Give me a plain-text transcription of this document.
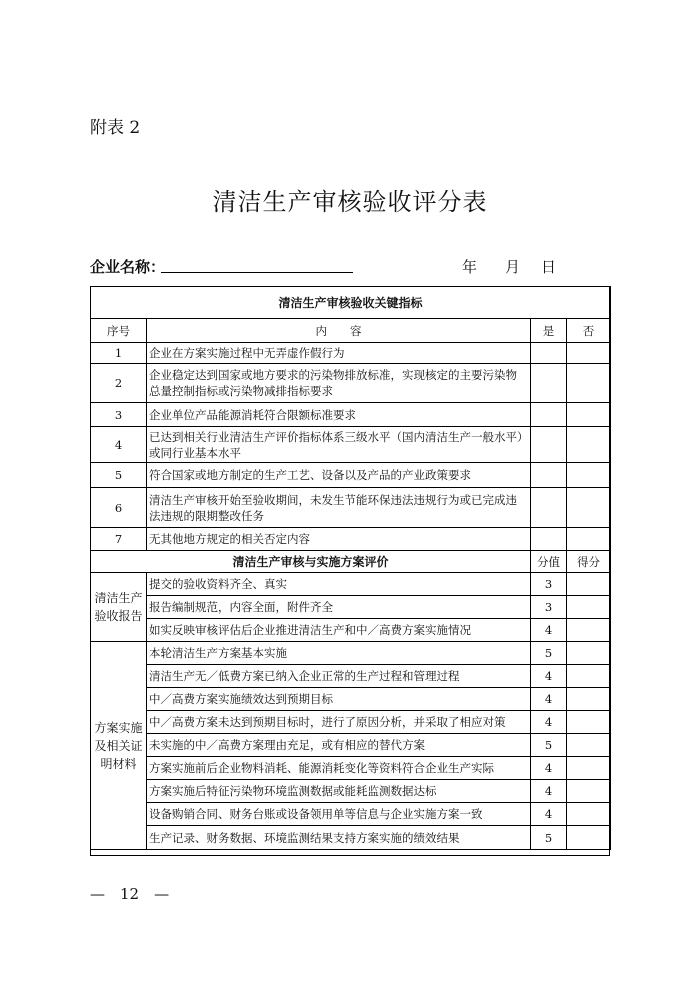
附表 2
清洁生产审核验收评分表
企业名称：	年 月 日
清洁生产审核验收关键指标			
序号	内　　容	是	否
1	企业在方案实施过程中无弄虚作假行为		
2	企业稳定达到国家或地方要求的污染物排放标准，实现核定的主要污染物总量控制指标或污染物减排指标要求		
3	企业单位产品能源消耗符合限额标准要求		
4	已达到相关行业清洁生产评价指标体系三级水平（国内清洁生产一般水平）或同行业基本水平		
5	符合国家或地方制定的生产工艺、设备以及产品的产业政策要求		
6	清洁生产审核开始至验收期间，未发生节能环保违法违规行为或已完成违法违规的限期整改任务		
7	无其他地方规定的相关否定内容		
清洁生产审核与实施方案评价		分值	得分
清洁生产验收报告	提交的验收资料齐全、真实	3	
	报告编制规范，内容全面，附件齐全	3	
	如实反映审核评估后企业推进清洁生产和中／高费方案实施情况	4	
方案实施及相关证明材料	本轮清洁生产方案基本实施	5	
	清洁生产无／低费方案已纳入企业正常的生产过程和管理过程	4	
	中／高费方案实施绩效达到预期目标	4	
	中／高费方案未达到预期目标时，进行了原因分析，并采取了相应对策	4	
	未实施的中／高费方案理由充足，或有相应的替代方案	5	
	方案实施前后企业物料消耗、能源消耗变化等资料符合企业生产实际	4	
	方案实施后特征污染物环境监测数据或能耗监测数据达标	4	
	设备购销合同、财务台账或设备领用单等信息与企业实施方案一致	4	
	生产记录、财务数据、环境监测结果支持方案实施的绩效结果	5	
—　12　—
